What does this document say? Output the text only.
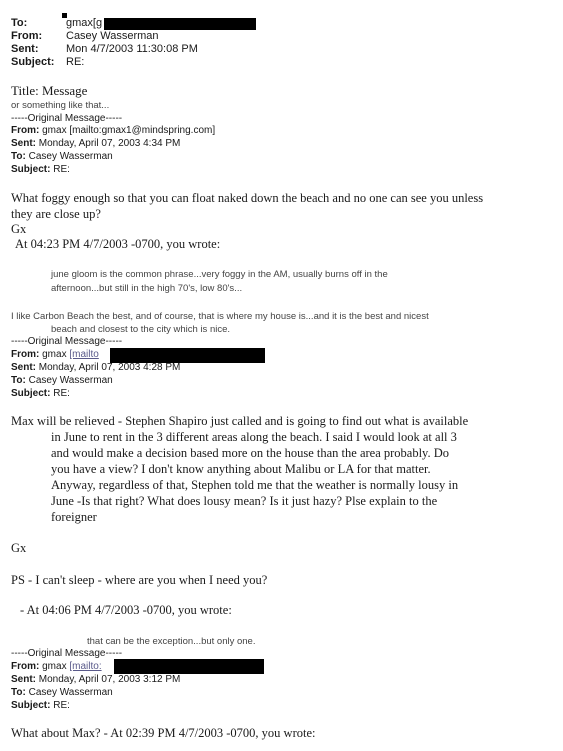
To:	gmax[g
From: Casey Wasserman
Sent:	Mon 4/7/2003 11:30:08 PM
Subject: RE:
Title: Message
or something like that...
-----Original Message-----
From: gmax [mailto:gmax1@mindspring.com]
Sent: Monday, April 07, 2003 4:34 PM
To: Casey Wasserman
Subject: RE:
What foggy enough so that you can float naked down the beach and no one can see you unless
they are close up?
Gx
At 04:23 PM 4/7/2003 -0700, you wrote:
june gloom is the common phrase...very foggy in the AM, usually burns off in the
afternoon...but still in the high 70's, low 80's...
I like Carbon Beach the best, and of course, that is where my house is...and it is the best and nicest
beach and closest to the city which is nice.
-----Original Message-----
From: gmax [mailto
Sent: Monday, April 07, 2003 4:28 PM
To: Casey Wasserman
Subject: RE:
Max will be relieved - Stephen Shapiro just called and is going to find out what is available
in June to rent in the 3 different areas along the beach. I said I would look at all 3
and would make a decision based more on the house than the area probably. Do
you have a view? I don't know anything about Malibu or LA for that matter.
Anyway, regardless of that, Stephen told me that the weather is normally lousy in
June -Is that right? What does lousy mean? Is it just hazy? Plse explain to the
foreigner
Gx
PS - I can't sleep - where are you when I need you?
- At 04:06 PM 4/7/2003 -0700, you wrote:
that can be the exception...but only one.
-----Original Message-----
From: gmax [mailto:
Sent: Monday, April 07, 2003 3:12 PM
To: Casey Wasserman
Subject: RE:
What about Max? - At 02:39 PM 4/7/2003 -0700, you wrote:
